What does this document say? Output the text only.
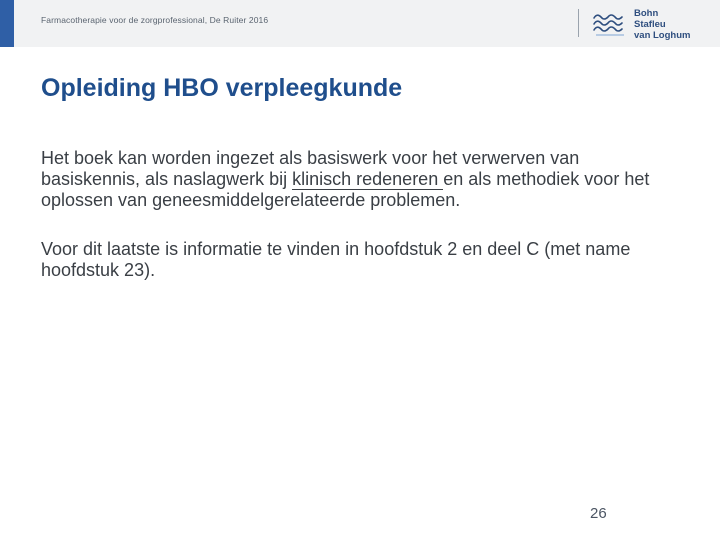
Farmacotherapie voor de zorgprofessional, De Ruiter 2016
Bohn
Stafleu
van Loghum
Opleiding HBO verpleegkunde

Het boek kan worden ingezet als basiswerk voor het verwerven van basiskennis, als naslagwerk bij klinisch redeneren en als methodiek voor het oplossen van geneesmiddelgerelateerde problemen.

Voor dit laatste is informatie te vinden in hoofdstuk 2 en deel C (met name hoofdstuk 23).

26
